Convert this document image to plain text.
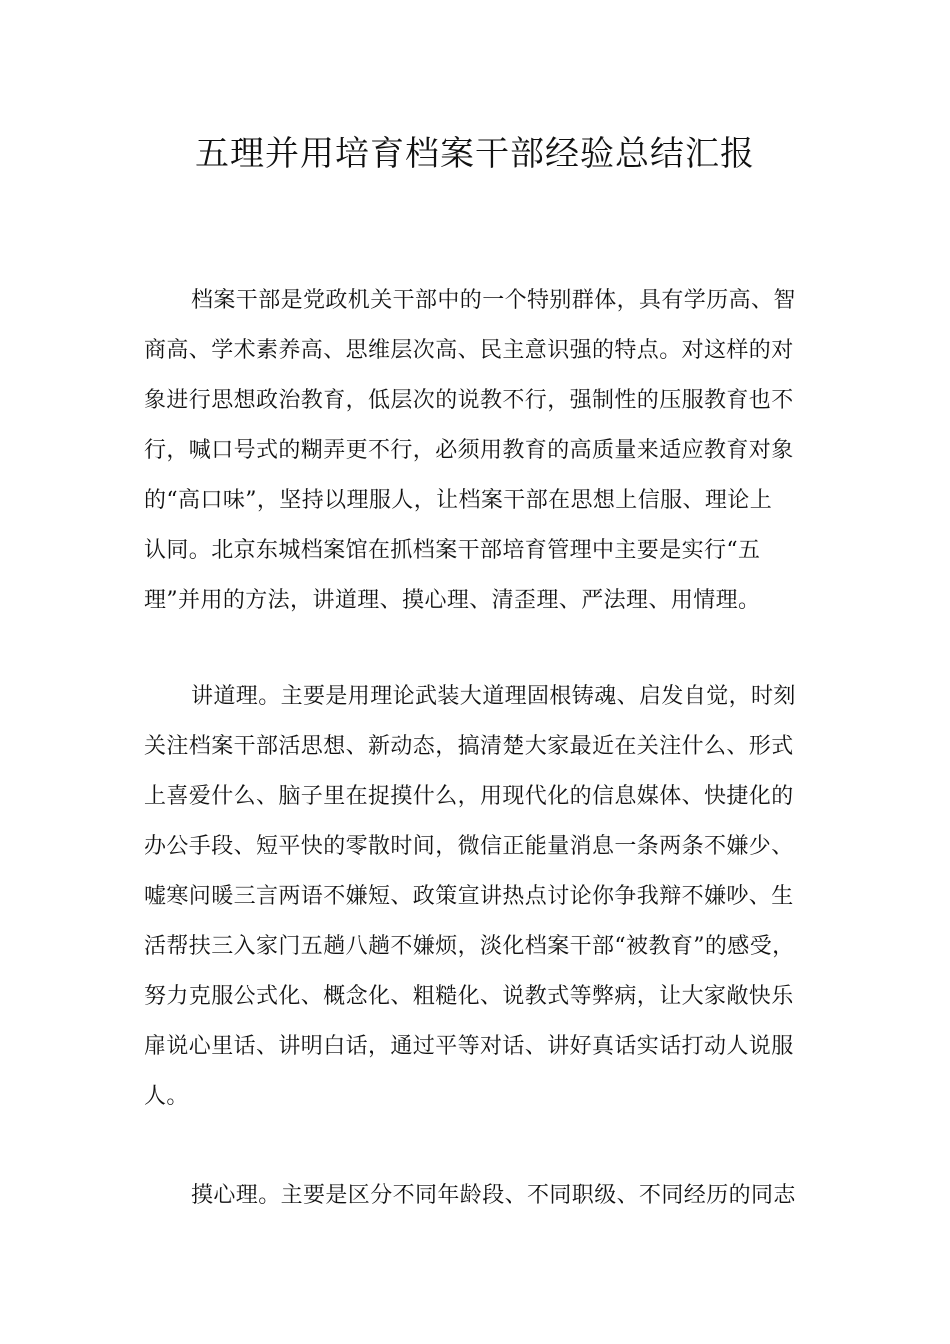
五理并用培育档案干部经验总结汇报

档案干部是党政机关干部中的一个特别群体，具有学历高、智

商高、学术素养高、思维层次高、民主意识强的特点。对这样的对

象进行思想政治教育，低层次的说教不行，强制性的压服教育也不

行，喊口号式的糊弄更不行，必须用教育的高质量来适应教育对象

的“高口味”，坚持以理服人，让档案干部在思想上信服、理论上

认同。北京东城档案馆在抓档案干部培育管理中主要是实行“五

理”并用的方法，讲道理、摸心理、清歪理、严法理、用情理。

讲道理。主要是用理论武装大道理固根铸魂、启发自觉，时刻

关注档案干部活思想、新动态，搞清楚大家最近在关注什么、形式

上喜爱什么、脑子里在捉摸什么，用现代化的信息媒体、快捷化的

办公手段、短平快的零散时间，微信正能量消息一条两条不嫌少、

嘘寒问暖三言两语不嫌短、政策宣讲热点讨论你争我辩不嫌吵、生

活帮扶三入家门五趟八趟不嫌烦，淡化档案干部“被教育”的感受，

努力克服公式化、概念化、粗糙化、说教式等弊病，让大家敞快乐

扉说心里话、讲明白话，通过平等对话、讲好真话实话打动人说服

人。

摸心理。主要是区分不同年龄段、不同职级、不同经历的同志
